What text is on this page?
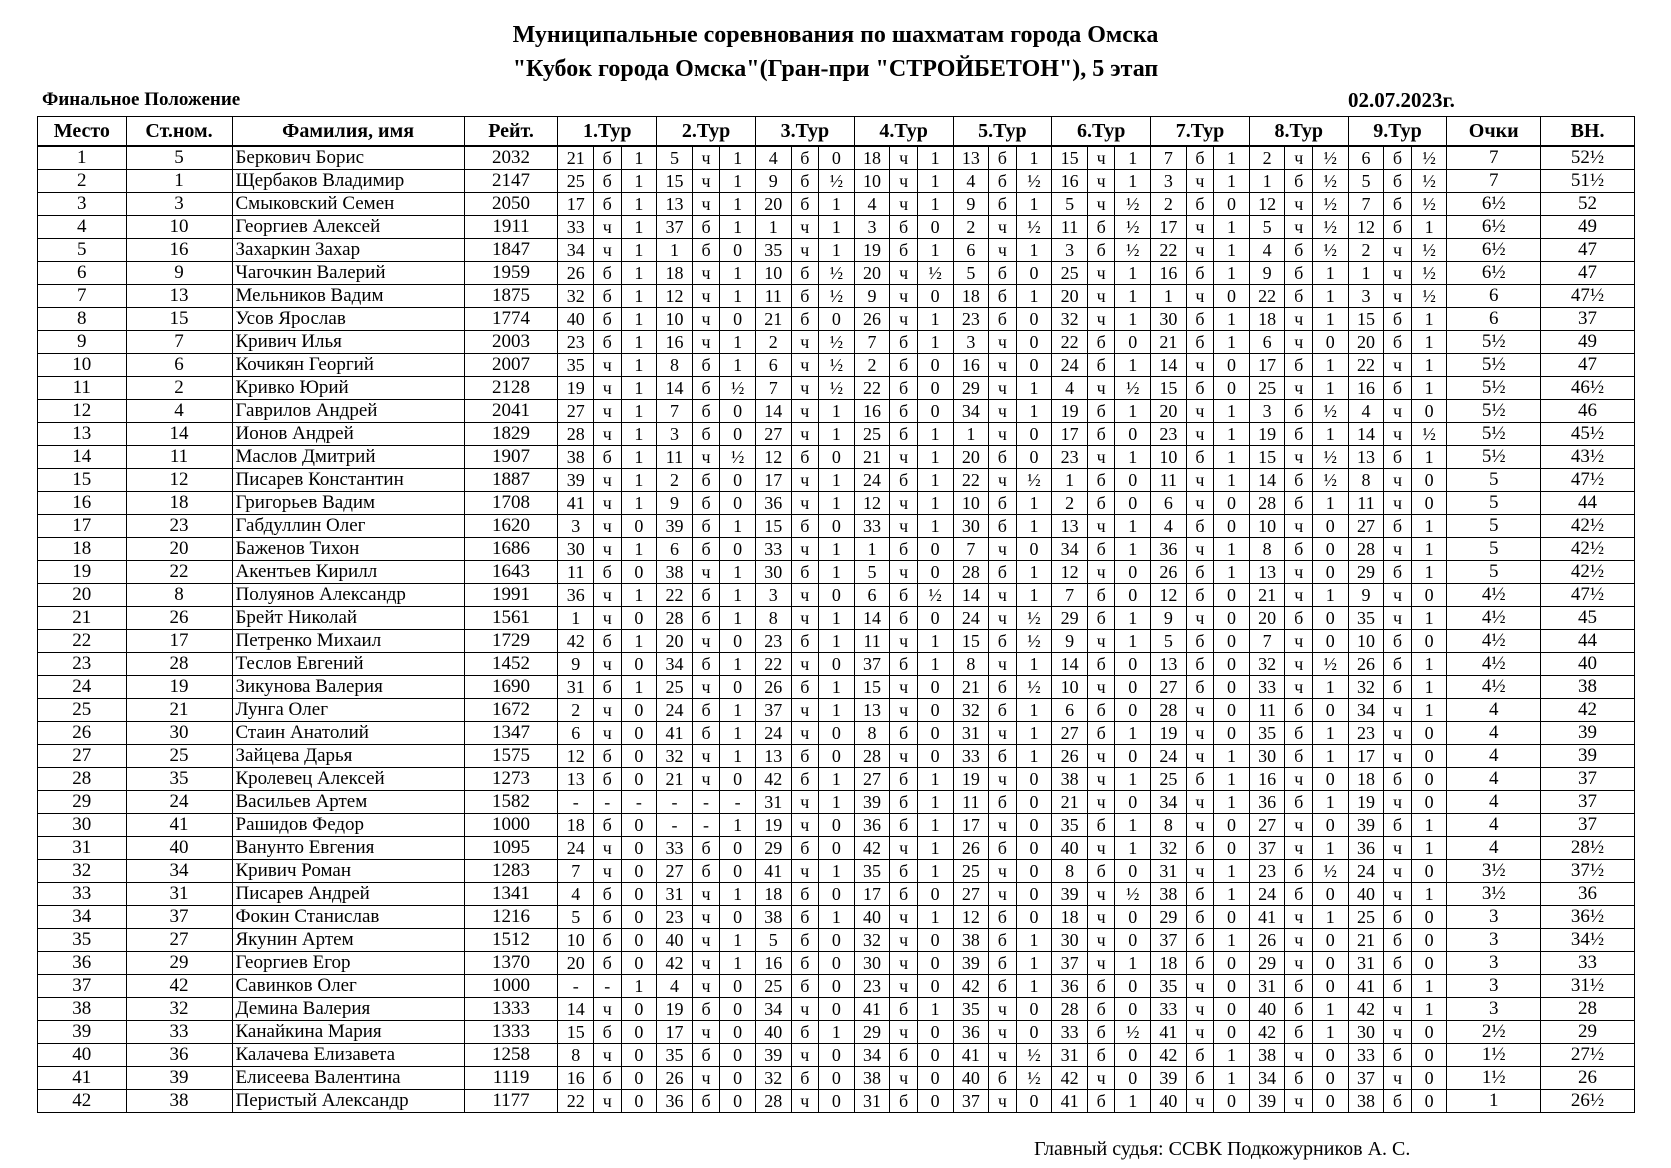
Муниципальные соревнования по шахматам города Омска
"Кубок города Омска"(Гран-при "СТРОЙБЕТОН"), 5 этап
Финальное Положение	02.07.2023г.
Место	Ст.ном.	Фамилия, имя	Рейт.	1.Тур			2.Тур			3.Тур			4.Тур			5.Тур			6.Тур			7.Тур			8.Тур			9.Тур			Очки	ВН.
1	5	Беркович Борис	2032	21	б	1	5	ч	1	4	б	0	18	ч	1	13	б	1	15	ч	1	7	б	1	2	ч	½	6	б	½	7	52½
2	1	Щербаков Владимир	2147	25	б	1	15	ч	1	9	б	½	10	ч	1	4	б	½	16	ч	1	3	ч	1	1	б	½	5	б	½	7	51½
3	3	Смыковский Семен	2050	17	б	1	13	ч	1	20	б	1	4	ч	1	9	б	1	5	ч	½	2	б	0	12	ч	½	7	б	½	6½	52
4	10	Георгиев Алексей	1911	33	ч	1	37	б	1	1	ч	1	3	б	0	2	ч	½	11	б	½	17	ч	1	5	ч	½	12	б	1	6½	49
5	16	Захаркин Захар	1847	34	ч	1	1	б	0	35	ч	1	19	б	1	6	ч	1	3	б	½	22	ч	1	4	б	½	2	ч	½	6½	47
6	9	Чагочкин Валерий	1959	26	б	1	18	ч	1	10	б	½	20	ч	½	5	б	0	25	ч	1	16	б	1	9	б	1	1	ч	½	6½	47
7	13	Мельников Вадим	1875	32	б	1	12	ч	1	11	б	½	9	ч	0	18	б	1	20	ч	1	1	ч	0	22	б	1	3	ч	½	6	47½
8	15	Усов Ярослав	1774	40	б	1	10	ч	0	21	б	0	26	ч	1	23	б	0	32	ч	1	30	б	1	18	ч	1	15	б	1	6	37
9	7	Кривич Илья	2003	23	б	1	16	ч	1	2	ч	½	7	б	1	3	ч	0	22	б	0	21	б	1	6	ч	0	20	б	1	5½	49
10	6	Кочикян Георгий	2007	35	ч	1	8	б	1	6	ч	½	2	б	0	16	ч	0	24	б	1	14	ч	0	17	б	1	22	ч	1	5½	47
11	2	Кривко Юрий	2128	19	ч	1	14	б	½	7	ч	½	22	б	0	29	ч	1	4	ч	½	15	б	0	25	ч	1	16	б	1	5½	46½
12	4	Гаврилов Андрей	2041	27	ч	1	7	б	0	14	ч	1	16	б	0	34	ч	1	19	б	1	20	ч	1	3	б	½	4	ч	0	5½	46
13	14	Ионов Андрей	1829	28	ч	1	3	б	0	27	ч	1	25	б	1	1	ч	0	17	б	0	23	ч	1	19	б	1	14	ч	½	5½	45½
14	11	Маслов Дмитрий	1907	38	б	1	11	ч	½	12	б	0	21	ч	1	20	б	0	23	ч	1	10	б	1	15	ч	½	13	б	1	5½	43½
15	12	Писарев Константин	1887	39	ч	1	2	б	0	17	ч	1	24	б	1	22	ч	½	1	б	0	11	ч	1	14	б	½	8	ч	0	5	47½
16	18	Григорьев Вадим	1708	41	ч	1	9	б	0	36	ч	1	12	ч	1	10	б	1	2	б	0	6	ч	0	28	б	1	11	ч	0	5	44
17	23	Габдуллин Олег	1620	3	ч	0	39	б	1	15	б	0	33	ч	1	30	б	1	13	ч	1	4	б	0	10	ч	0	27	б	1	5	42½
18	20	Баженов Тихон	1686	30	ч	1	6	б	0	33	ч	1	1	б	0	7	ч	0	34	б	1	36	ч	1	8	б	0	28	ч	1	5	42½
19	22	Акентьев Кирилл	1643	11	б	0	38	ч	1	30	б	1	5	ч	0	28	б	1	12	ч	0	26	б	1	13	ч	0	29	б	1	5	42½
20	8	Полуянов Александр	1991	36	ч	1	22	б	1	3	ч	0	6	б	½	14	ч	1	7	б	0	12	б	0	21	ч	1	9	ч	0	4½	47½
21	26	Брейт Николай	1561	1	ч	0	28	б	1	8	ч	1	14	б	0	24	ч	½	29	б	1	9	ч	0	20	б	0	35	ч	1	4½	45
22	17	Петренко Михаил	1729	42	б	1	20	ч	0	23	б	1	11	ч	1	15	б	½	9	ч	1	5	б	0	7	ч	0	10	б	0	4½	44
23	28	Теслов Евгений	1452	9	ч	0	34	б	1	22	ч	0	37	б	1	8	ч	1	14	б	0	13	б	0	32	ч	½	26	б	1	4½	40
24	19	Зикунова Валерия	1690	31	б	1	25	ч	0	26	б	1	15	ч	0	21	б	½	10	ч	0	27	б	0	33	ч	1	32	б	1	4½	38
25	21	Лунга Олег	1672	2	ч	0	24	б	1	37	ч	1	13	ч	0	32	б	1	6	б	0	28	ч	0	11	б	0	34	ч	1	4	42
26	30	Стаин Анатолий	1347	6	ч	0	41	б	1	24	ч	0	8	б	0	31	ч	1	27	б	1	19	ч	0	35	б	1	23	ч	0	4	39
27	25	Зайцева Дарья	1575	12	б	0	32	ч	1	13	б	0	28	ч	0	33	б	1	26	ч	0	24	ч	1	30	б	1	17	ч	0	4	39
28	35	Кролевец Алексей	1273	13	б	0	21	ч	0	42	б	1	27	б	1	19	ч	0	38	ч	1	25	б	1	16	ч	0	18	б	0	4	37
29	24	Васильев Артем	1582	-	-	-	-	-	-	31	ч	1	39	б	1	11	б	0	21	ч	0	34	ч	1	36	б	1	19	ч	0	4	37
30	41	Рашидов Федор	1000	18	б	0	-	-	1	19	ч	0	36	б	1	17	ч	0	35	б	1	8	ч	0	27	ч	0	39	б	1	4	37
31	40	Ванунто Евгения	1095	24	ч	0	33	б	0	29	б	0	42	ч	1	26	б	0	40	ч	1	32	б	0	37	ч	1	36	ч	1	4	28½
32	34	Кривич Роман	1283	7	ч	0	27	б	0	41	ч	1	35	б	1	25	ч	0	8	б	0	31	ч	1	23	б	½	24	ч	0	3½	37½
33	31	Писарев Андрей	1341	4	б	0	31	ч	1	18	б	0	17	б	0	27	ч	0	39	ч	½	38	б	1	24	б	0	40	ч	1	3½	36
34	37	Фокин Станислав	1216	5	б	0	23	ч	0	38	б	1	40	ч	1	12	б	0	18	ч	0	29	б	0	41	ч	1	25	б	0	3	36½
35	27	Якунин Артем	1512	10	б	0	40	ч	1	5	б	0	32	ч	0	38	б	1	30	ч	0	37	б	1	26	ч	0	21	б	0	3	34½
36	29	Георгиев Егор	1370	20	б	0	42	ч	1	16	б	0	30	ч	0	39	б	1	37	ч	1	18	б	0	29	ч	0	31	б	0	3	33
37	42	Савинков Олег	1000	-	-	1	4	ч	0	25	б	0	23	ч	0	42	б	1	36	б	0	35	ч	0	31	б	0	41	б	1	3	31½
38	32	Демина Валерия	1333	14	ч	0	19	б	0	34	ч	0	41	б	1	35	ч	0	28	б	0	33	ч	0	40	б	1	42	ч	1	3	28
39	33	Канайкина Мария	1333	15	б	0	17	ч	0	40	б	1	29	ч	0	36	ч	0	33	б	½	41	ч	0	42	б	1	30	ч	0	2½	29
40	36	Калачева Елизавета	1258	8	ч	0	35	б	0	39	ч	0	34	б	0	41	ч	½	31	б	0	42	б	1	38	ч	0	33	б	0	1½	27½
41	39	Елисеева Валентина	1119	16	б	0	26	ч	0	32	б	0	38	ч	0	40	б	½	42	ч	0	39	б	1	34	б	0	37	ч	0	1½	26
42	38	Перистый Александр	1177	22	ч	0	36	б	0	28	ч	0	31	б	0	37	ч	0	41	б	1	40	ч	0	39	ч	0	38	б	0	1	26½
Главный судья: ССВК Подкожурников А. С.
